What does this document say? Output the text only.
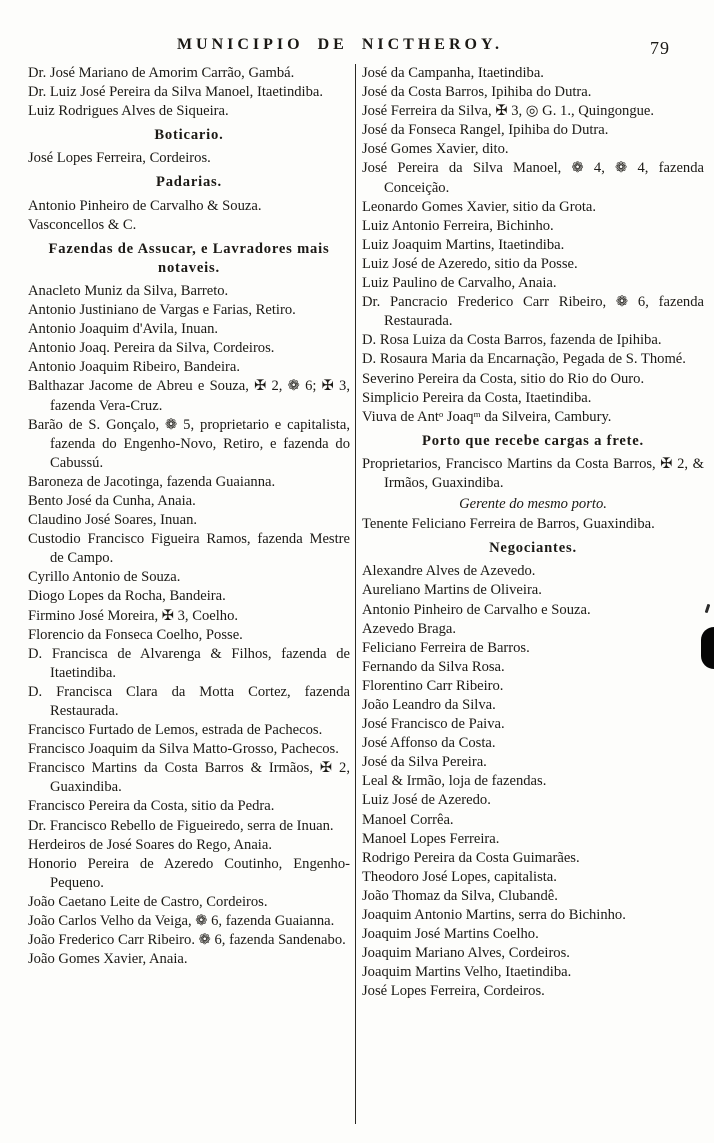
MUNICIPIO DE NICTHEROY.	79

Dr. José Mariano de Amorim Carrão, Gambá.

Dr. Luiz José Pereira da Silva Manoel, Itaetindiba.

Luiz Rodrigues Alves de Siqueira.

Boticario.

José Lopes Ferreira, Cordeiros.

Padarias.

Antonio Pinheiro de Carvalho & Souza.

Vasconcellos & C.

Fazendas de Assucar, e Lavradores mais notaveis.

Anacleto Muniz da Silva, Barreto.

Antonio Justiniano de Vargas e Farias, Retiro.

Antonio Joaquim d'Avila, Inuan.

Antonio Joaq. Pereira da Silva, Cordeiros.

Antonio Joaquim Ribeiro, Bandeira.

Balthazar Jacome de Abreu e Souza, ✠ 2, ❁ 6; ✠ 3, fazenda Vera-Cruz.

Barão de S. Gonçalo, ❁ 5, proprietario e capitalista, fazenda do Engenho-Novo, Retiro, e fazenda do Cabussú.

Baroneza de Jacotinga, fazenda Guaianna.

Bento José da Cunha, Anaia.

Claudino José Soares, Inuan.

Custodio Francisco Figueira Ramos, fazenda Mestre de Campo.

Cyrillo Antonio de Souza.

Diogo Lopes da Rocha, Bandeira.

Firmino José Moreira, ✠ 3, Coelho.

Florencio da Fonseca Coelho, Posse.

D. Francisca de Alvarenga & Filhos, fazenda de Itaetindiba.

D. Francisca Clara da Motta Cortez, fazenda Restaurada.

Francisco Furtado de Lemos, estrada de Pachecos.

Francisco Joaquim da Silva Matto-Grosso, Pachecos.

Francisco Martins da Costa Barros & Irmãos, ✠ 2, Guaxindiba.

Francisco Pereira da Costa, sitio da Pedra.

Dr. Francisco Rebello de Figueiredo, serra de Inuan.

Herdeiros de José Soares do Rego, Anaia.

Honorio Pereira de Azeredo Coutinho, Engenho-Pequeno.

João Caetano Leite de Castro, Cordeiros.

João Carlos Velho da Veiga, ❁ 6, fazenda Guaianna.

João Frederico Carr Ribeiro. ❁ 6, fazenda Sandenabo.

João Gomes Xavier, Anaia.

José da Campanha, Itaetindiba.

José da Costa Barros, Ipihiba do Dutra.

José Ferreira da Silva, ✠ 3, ◎ G. 1., Quingongue.

José da Fonseca Rangel, Ipihiba do Dutra.

José Gomes Xavier, dito.

José Pereira da Silva Manoel, ❁ 4, ❁ 4, fazenda Conceição.

Leonardo Gomes Xavier, sitio da Grota.

Luiz Antonio Ferreira, Bichinho.

Luiz Joaquim Martins, Itaetindiba.

Luiz José de Azeredo, sitio da Posse.

Luiz Paulino de Carvalho, Anaia.

Dr. Pancracio Frederico Carr Ribeiro, ❁ 6, fazenda Restaurada.

D. Rosa Luiza da Costa Barros, fazenda de Ipihiba.

D. Rosaura Maria da Encarnação, Pegada de S. Thomé.

Severino Pereira da Costa, sitio do Rio do Ouro.

Simplicio Pereira da Costa, Itaetindiba.

Viuva de Antᵒ Joaqᵐ da Silveira, Cambury.

Porto que recebe cargas a frete.

Proprietarios, Francisco Martins da Costa Barros, ✠ 2, & Irmãos, Guaxindiba.

Gerente do mesmo porto.

Tenente Feliciano Ferreira de Barros, Guaxindiba.

Negociantes.

Alexandre Alves de Azevedo.

Aureliano Martins de Oliveira.

Antonio Pinheiro de Carvalho e Souza.

Azevedo Braga.

Feliciano Ferreira de Barros.

Fernando da Silva Rosa.

Florentino Carr Ribeiro.

João Leandro da Silva.

José Francisco de Paiva.

José Affonso da Costa.

José da Silva Pereira.

Leal & Irmão, loja de fazendas.

Luiz José de Azeredo.

Manoel Corrêa.

Manoel Lopes Ferreira.

Rodrigo Pereira da Costa Guimarães.

Theodoro José Lopes, capitalista.

João Thomaz da Silva, Clubandê.

Joaquim Antonio Martins, serra do Bichinho.

Joaquim José Martins Coelho.

Joaquim Mariano Alves, Cordeiros.

Joaquim Martins Velho, Itaetindiba.

José Lopes Ferreira, Cordeiros.
